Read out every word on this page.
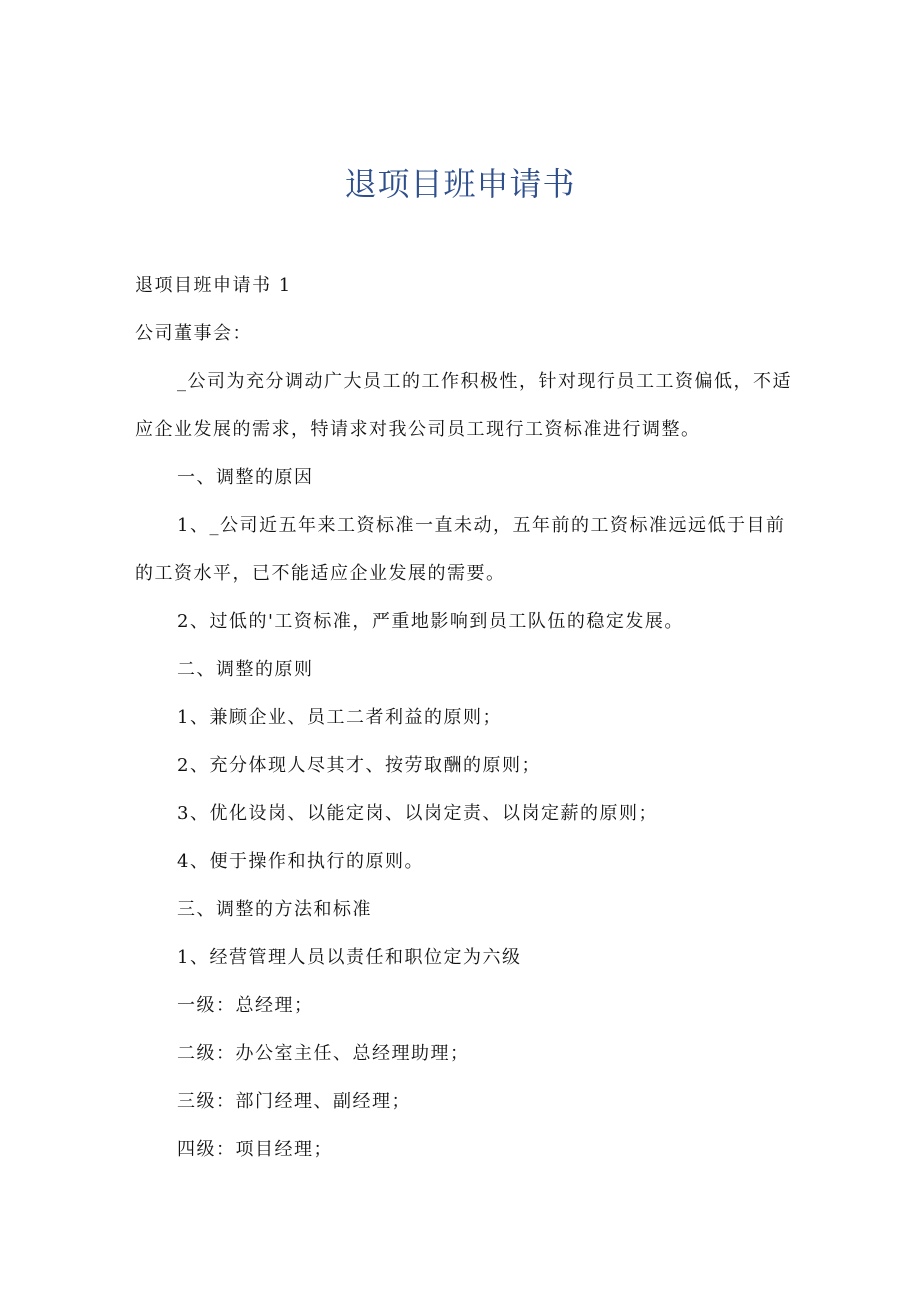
退项目班申请书

退项目班申请书 1

公司董事会：

_公司为充分调动广大员工的工作积极性，针对现行员工工资偏低，不适应企业发展的需求，特请求对我公司员工现行工资标准进行调整。

一、调整的原因

1、_公司近五年来工资标准一直未动，五年前的工资标准远远低于目前的工资水平，已不能适应企业发展的需要。

2、过低的'工资标准，严重地影响到员工队伍的稳定发展。

二、调整的原则

1、兼顾企业、员工二者利益的原则；

2、充分体现人尽其才、按劳取酬的原则；

3、优化设岗、以能定岗、以岗定责、以岗定薪的原则；

4、便于操作和执行的原则。

三、调整的方法和标准

1、经营管理人员以责任和职位定为六级

一级：总经理；

二级：办公室主任、总经理助理；

三级：部门经理、副经理；

四级：项目经理；
